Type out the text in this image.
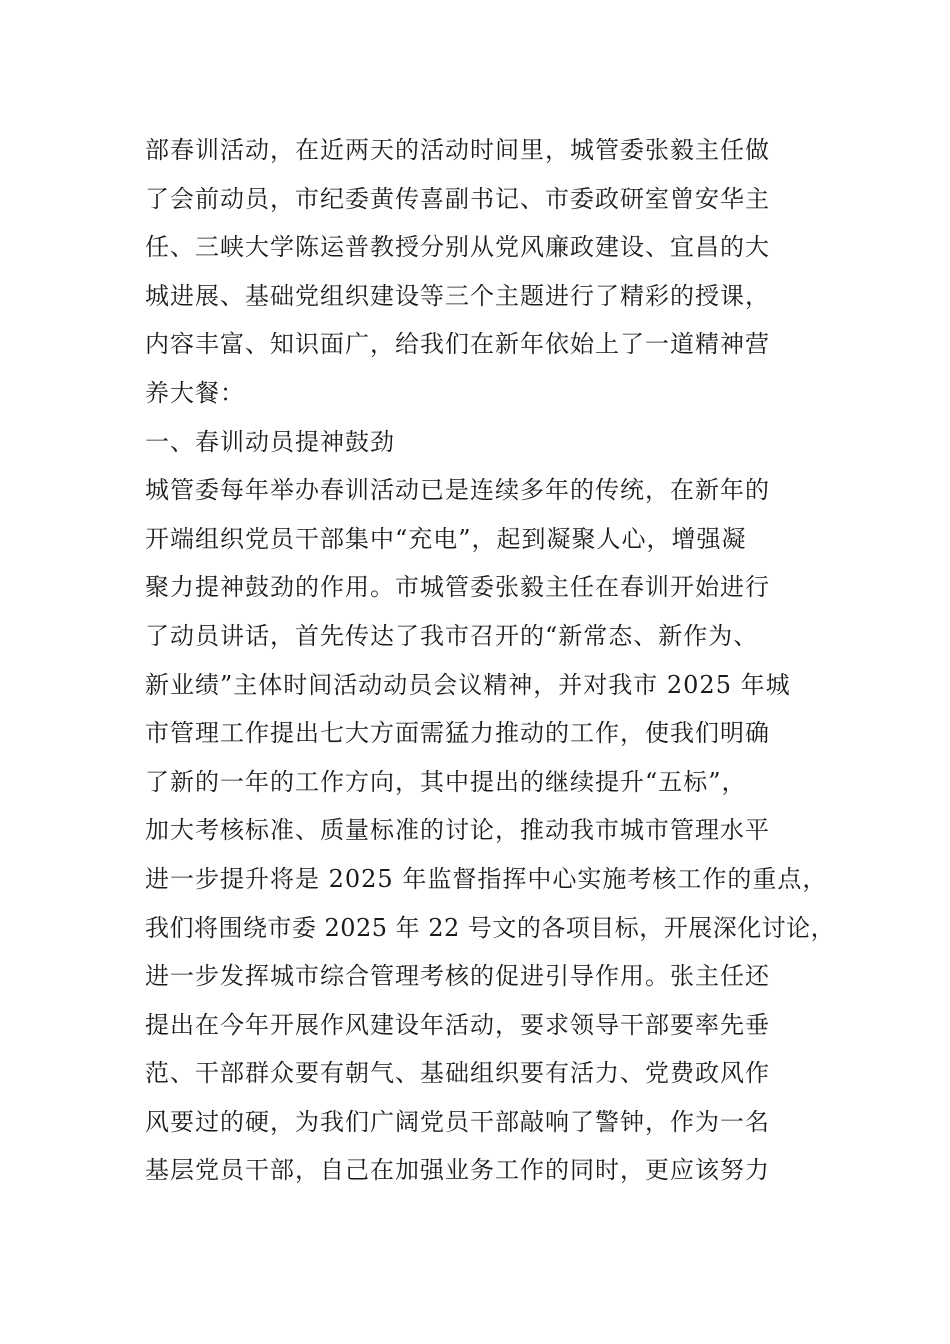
部春训活动，在近两天的活动时间里，城管委张毅主任做
了会前动员，市纪委黄传喜副书记、市委政研室曾安华主
任、三峡大学陈运普教授分别从党风廉政建设、宜昌的大
城进展、基础党组织建设等三个主题进行了精彩的授课，
内容丰富、知识面广，给我们在新年依始上了一道精神营
养大餐：
一、春训动员提神鼓劲
城管委每年举办春训活动已是连续多年的传统，在新年的
开端组织党员干部集中“充电”，起到凝聚人心，增强凝
聚力提神鼓劲的作用。市城管委张毅主任在春训开始进行
了动员讲话，首先传达了我市召开的“新常态、新作为、
新业绩”主体时间活动动员会议精神，并对我市 2025 年城
市管理工作提出七大方面需猛力推动的工作，使我们明确
了新的一年的工作方向，其中提出的继续提升“五标”，
加大考核标准、质量标准的讨论，推动我市城市管理水平
进一步提升将是 2025 年监督指挥中心实施考核工作的重点，
我们将围绕市委 2025 年 22 号文的各项目标，开展深化讨论，
进一步发挥城市综合管理考核的促进引导作用。张主任还
提出在今年开展作风建设年活动，要求领导干部要率先垂
范、干部群众要有朝气、基础组织要有活力、党费政风作
风要过的硬，为我们广阔党员干部敲响了警钟，作为一名
基层党员干部，自己在加强业务工作的同时，更应该努力
